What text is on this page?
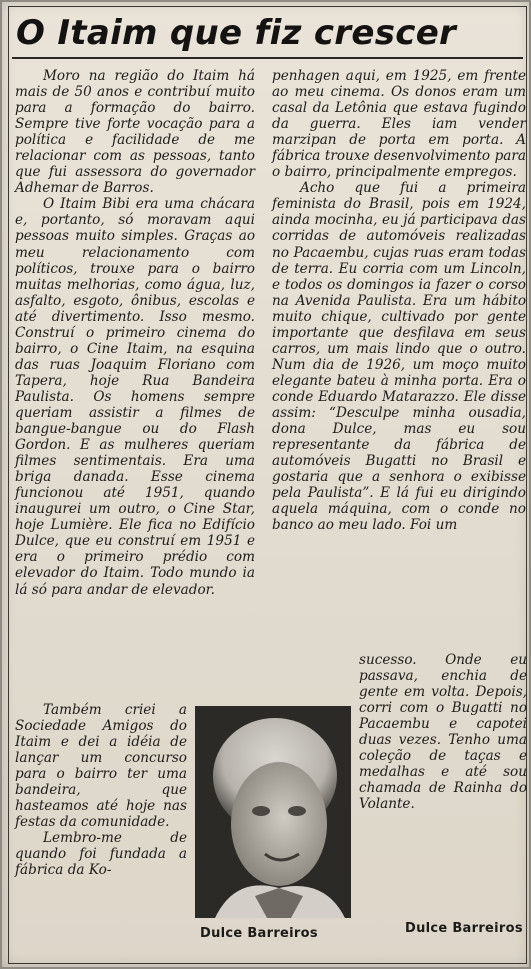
O Itaim que fiz crescer

Moro na região do Itaim há mais de 50 anos e contribuí muito para a formação do bairro. Sempre tive forte vocação para a política e facilidade de me relacionar com as pessoas, tanto que fui assessora do governador Adhemar de Barros.

O Itaim Bibi era uma chácara e, portanto, só moravam aqui pessoas muito simples. Graças ao meu relacionamento com políticos, trouxe para o bairro muitas melhorias, como água, luz, asfalto, esgoto, ônibus, escolas e até divertimento. Isso mesmo. Construí o primeiro cinema do bairro, o Cine Itaim, na esquina das ruas Joaquim Floriano com Tapera, hoje Rua Bandeira Paulista. Os homens sempre queriam assistir a filmes de bangue-bangue ou do Flash Gordon. E as mulheres queriam filmes sentimentais. Era uma briga danada. Esse cinema funcionou até 1951, quando inaugurei um outro, o Cine Star, hoje Lumière. Ele fica no Edifício Dulce, que eu construí em 1951 e era o primeiro prédio com elevador do Itaim. Todo mundo ia lá só para andar de elevador.

Também criei a Sociedade Amigos do Itaim e dei a idéia de lançar um concurso para o bairro ter uma bandeira, que hasteamos até hoje nas festas da comunidade.

Lembro-me de quando foi fundada a fábrica da Ko-

penhagen aqui, em 1925, em frente ao meu cinema. Os donos eram um casal da Letônia que estava fugindo da guerra. Eles iam vender marzipan de porta em porta. A fábrica trouxe desenvolvimento para o bairro, principalmente empregos.

Acho que fui a primeira feminista do Brasil, pois em 1924, ainda mocinha, eu já participava das corridas de automóveis realizadas no Pacaembu, cujas ruas eram todas de terra. Eu corria com um Lincoln, e todos os domingos ia fazer o corso na Avenida Paulista. Era um hábito muito chique, cultivado por gente importante que desfilava em seus carros, um mais lindo que o outro. Num dia de 1926, um moço muito elegante bateu à minha porta. Era o conde Eduardo Matarazzo. Ele disse assim: “Desculpe minha ousadia, dona Dulce, mas eu sou representante da fábrica de automóveis Bugatti no Brasil e gostaria que a senhora o exibisse pela Paulista”. E lá fui eu dirigindo aquela máquina, com o conde no banco ao meu lado. Foi um

sucesso. Onde eu passava, enchia de gente em volta. Depois, corri com o Bugatti no Pacaembu e capotei duas vezes. Tenho uma coleção de taças e medalhas e até sou chamada de Rainha do Volante.

Dulce Barreiros	Dulce Barreiros
